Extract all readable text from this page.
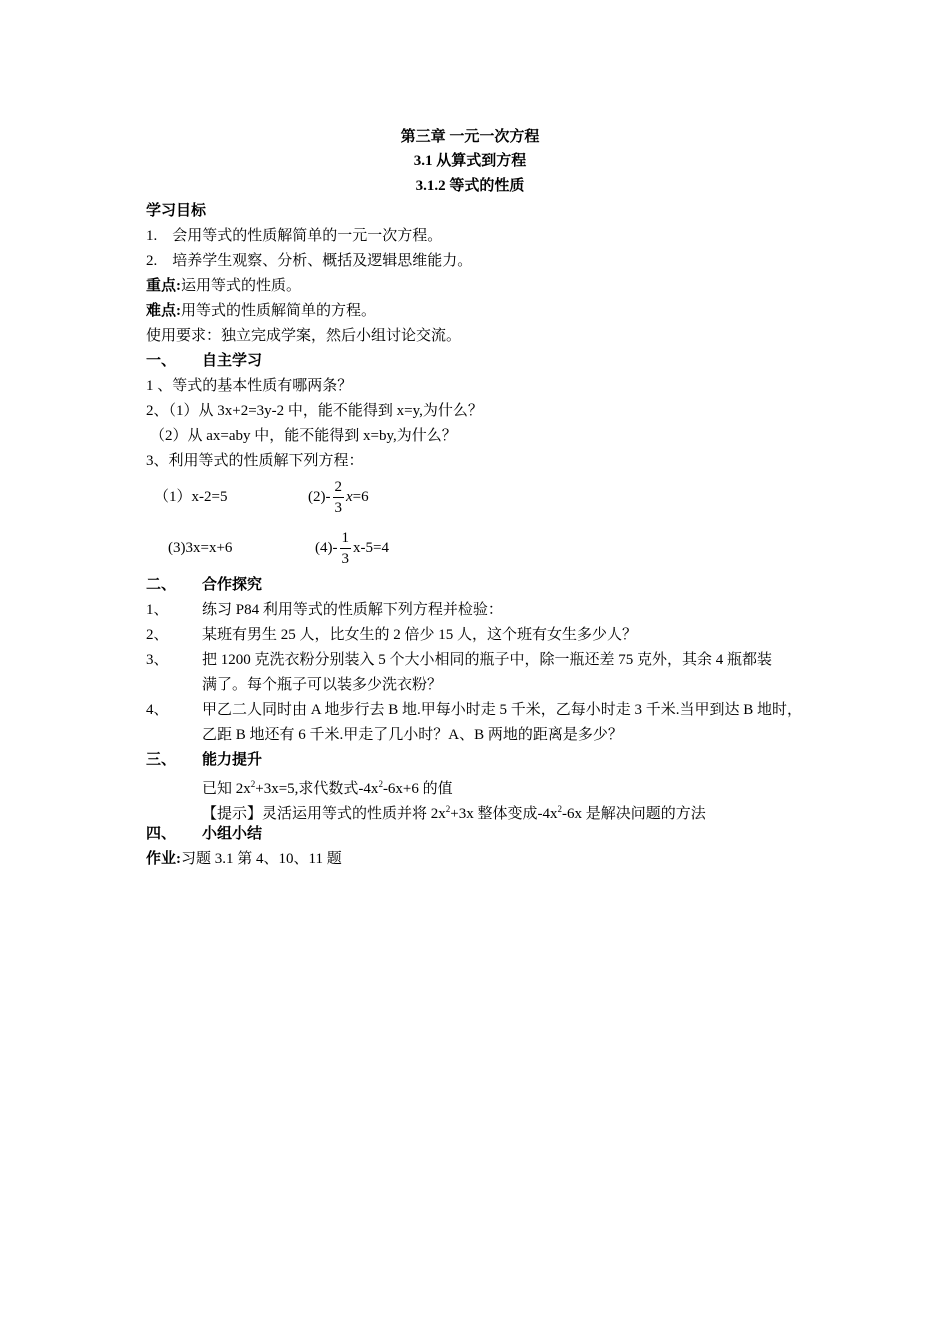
第三章 一元一次方程
3.1 从算式到方程
3.1.2 等式的性质
学习目标
1. 会用等式的性质解简单的一元一次方程。
2. 培养学生观察、分析、概括及逻辑思维能力。
重点:运用等式的性质。
难点:用等式的性质解简单的方程。
使用要求：独立完成学案，然后小组讨论交流。
一、 自主学习
1 、等式的基本性质有哪两条？
2、（1）从 3x+2=3y-2 中，能不能得到 x=y,为什么？
（2）从 ax=aby 中，能不能得到 x=by,为什么？
3、利用等式的性质解下列方程：
（1）x-2=5	$(2)- \frac{2}{3} x=6$
(3)3x=x+6	$(4)- \frac{1}{3} x-5=4$
二、 合作探究
1、 练习 P84 利用等式的性质解下列方程并检验：
2、 某班有男生 25 人，比女生的 2 倍少 15 人，这个班有女生多少人？
3、 把 1200 克洗衣粉分别装入 5 个大小相同的瓶子中，除一瓶还差 75 克外，其余 4 瓶都装
满了。每个瓶子可以装多少洗衣粉？
4、 甲乙二人同时由 A 地步行去 B 地.甲每小时走 5 千米，乙每小时走 3 千米.当甲到达 B 地时，
乙距 B 地还有 6 千米.甲走了几小时？A、B 两地的距离是多少？
三、 能力提升
已知 $2x^2+3x=5$,求代数式$-4x^2-6x+6$ 的值
【提示】灵活运用等式的性质并将 $2x^2+3x$ 整体变成$-4x^2-6x$ 是解决问题的方法
四、 小组小结
作业:习题 3.1 第 4、10、11 题
